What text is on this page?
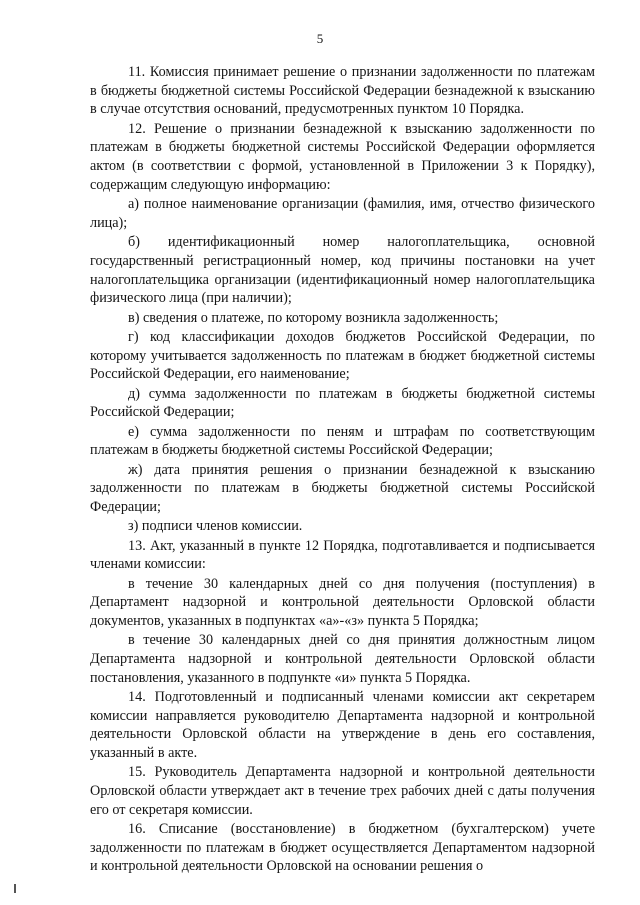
5

11. Комиссия принимает решение о признании задолженности по платежам в бюджеты бюджетной системы Российской Федерации безнадежной к взысканию в случае отсутствия оснований, предусмотренных пунктом 10 Порядка.

12. Решение о признании безнадежной к взысканию задолженности по платежам в бюджеты бюджетной системы Российской Федерации оформляется актом (в соответствии с формой, установленной в Приложении 3 к Порядку), содержащим следующую информацию:

а) полное наименование организации (фамилия, имя, отчество физического лица);

б) идентификационный номер налогоплательщика, основной государственный регистрационный номер, код причины постановки на учет налогоплательщика организации (идентификационный номер налогоплательщика физического лица (при наличии);

в) сведения о платеже, по которому возникла задолженность;

г) код классификации доходов бюджетов Российской Федерации, по которому учитывается задолженность по платежам в бюджет бюджетной системы Российской Федерации, его наименование;

д) сумма задолженности по платежам в бюджеты бюджетной системы Российской Федерации;

е) сумма задолженности по пеням и штрафам по соответствующим платежам в бюджеты бюджетной системы Российской Федерации;

ж) дата принятия решения о признании безнадежной к взысканию задолженности по платежам в бюджеты бюджетной системы Российской Федерации;

з) подписи членов комиссии.

13. Акт, указанный в пункте 12 Порядка, подготавливается и подписывается членами комиссии:

в течение 30 календарных дней со дня получения (поступления) в Департамент надзорной и контрольной деятельности Орловской области документов, указанных в подпунктах «а»-«з» пункта 5 Порядка;

в течение 30 календарных дней со дня принятия должностным лицом Департамента надзорной и контрольной деятельности Орловской области постановления, указанного в подпункте «и» пункта 5 Порядка.

14. Подготовленный и подписанный членами комиссии акт секретарем комиссии направляется руководителю Департамента надзорной и контрольной деятельности Орловской области на утверждение в день его составления, указанный в акте.

15. Руководитель Департамента надзорной и контрольной деятельности Орловской области утверждает акт в течение трех рабочих дней с даты получения его от секретаря комиссии.

16. Списание (восстановление) в бюджетном (бухгалтерском) учете задолженности по платежам в бюджет осуществляется Департаментом надзорной и контрольной деятельности Орловской на основании решения о
